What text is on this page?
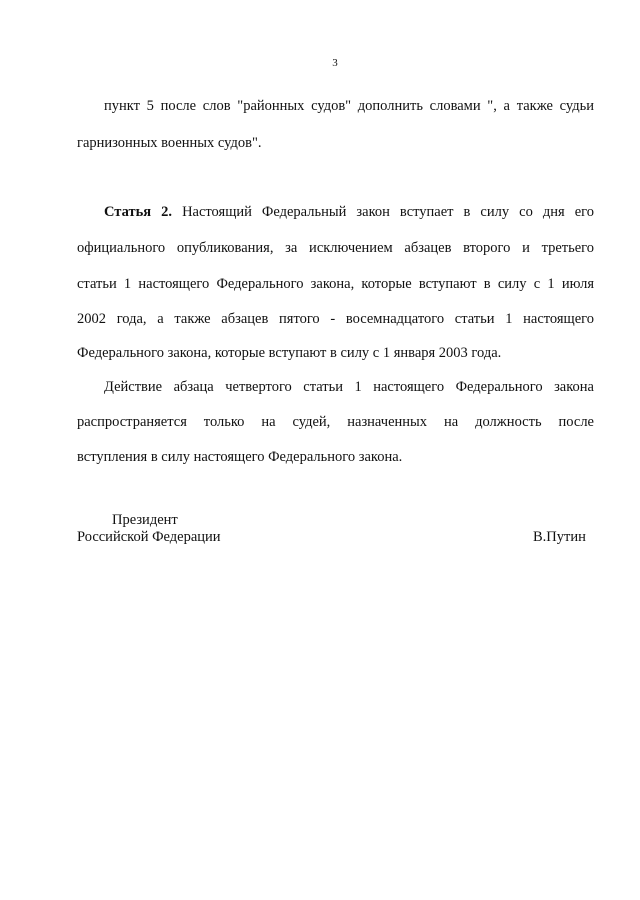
3
пункт 5 после слов "районных судов" дополнить словами ", а также судьи
гарнизонных военных судов".
Статья 2. Настоящий Федеральный закон вступает в силу со дня его
официального опубликования, за исключением абзацев второго и третьего
статьи 1 настоящего Федерального закона, которые вступают в силу с 1 июля
2002 года, а также абзацев пятого - восемнадцатого статьи 1 настоящего
Федерального закона, которые вступают в силу с 1 января 2003 года.
Действие абзаца четвертого статьи 1 настоящего Федерального закона
распространяется только на судей, назначенных на должность после
вступления в силу настоящего Федерального закона.
Президент
Российской Федерации	В.Путин
